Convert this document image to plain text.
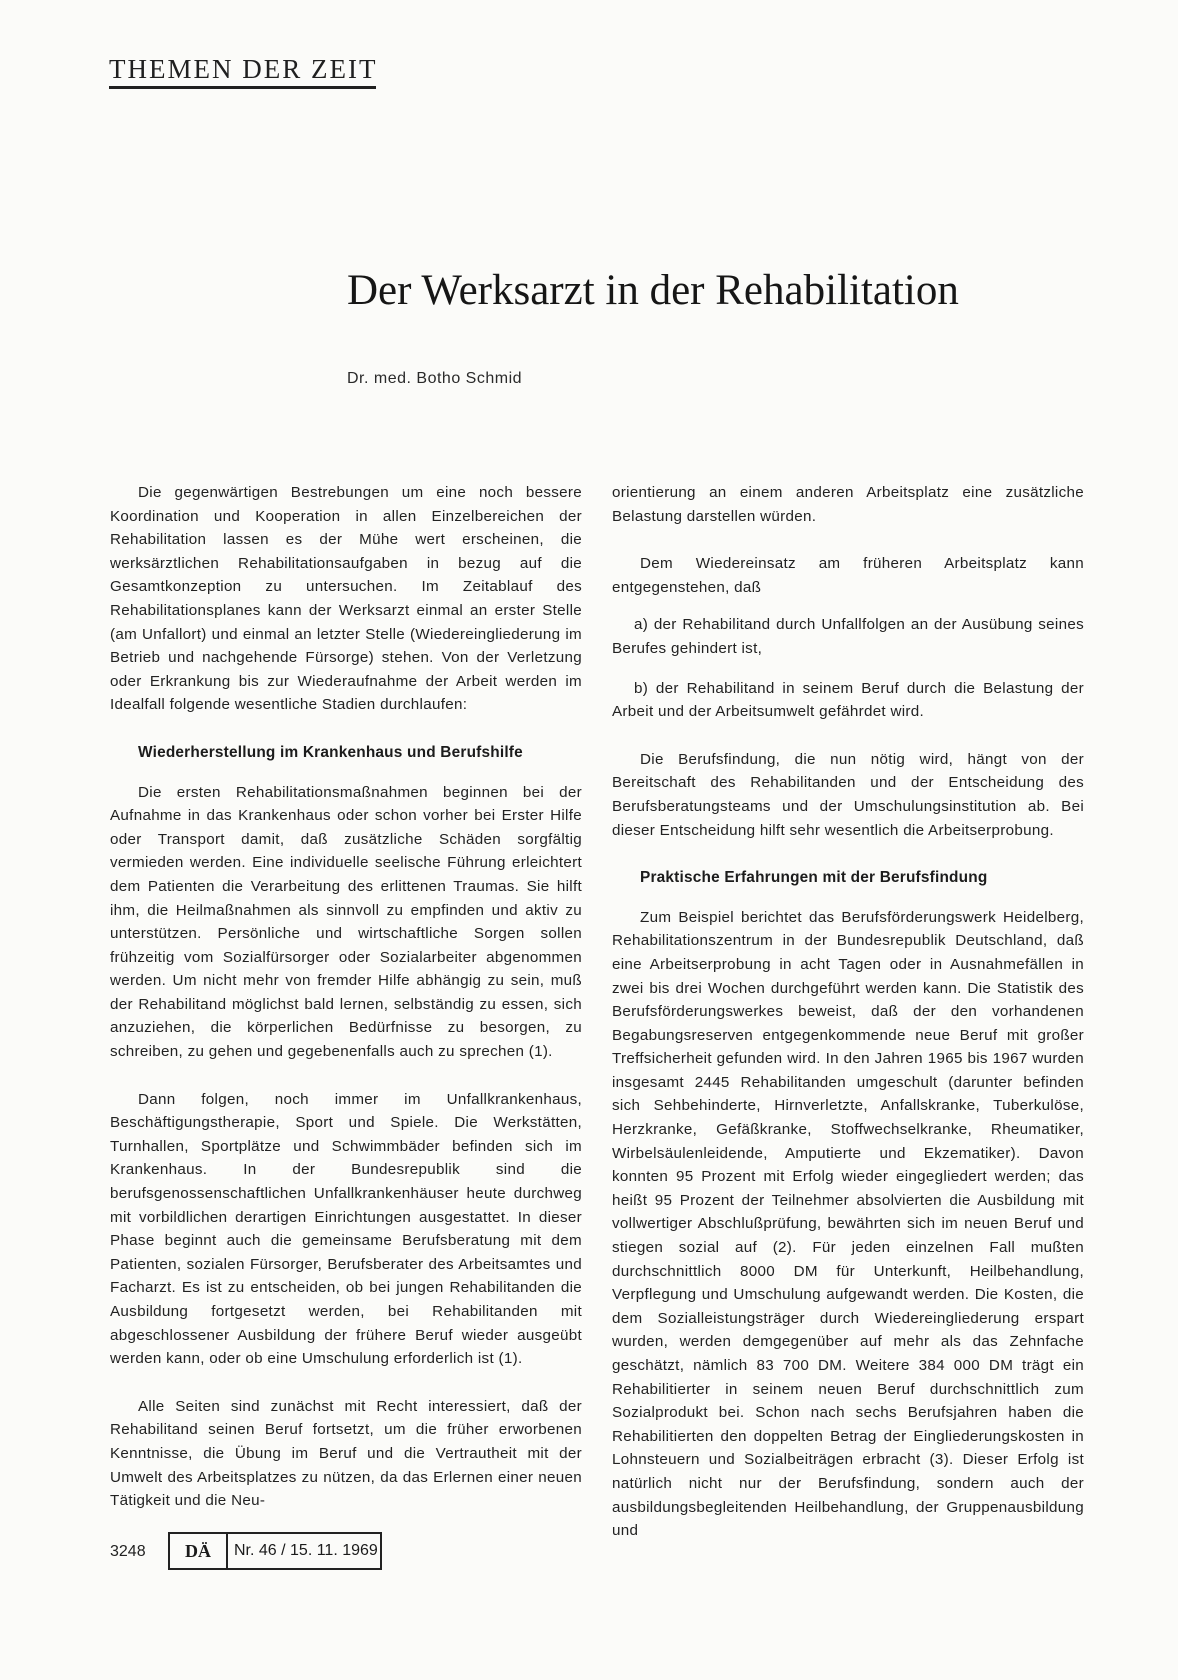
THEMEN DER ZEIT
Der Werksarzt in der Rehabilitation
Dr. med. Botho Schmid

Die gegenwärtigen Bestrebungen um eine noch bessere Koordination und Kooperation in allen Einzelbereichen der Rehabilitation lassen es der Mühe wert erscheinen, die werksärztlichen Rehabilitationsaufgaben in bezug auf die Gesamtkonzeption zu untersuchen. Im Zeitablauf des Rehabilitationsplanes kann der Werksarzt einmal an erster Stelle (am Unfallort) und einmal an letzter Stelle (Wiedereingliederung im Betrieb und nachgehende Fürsorge) stehen. Von der Verletzung oder Erkrankung bis zur Wiederaufnahme der Arbeit werden im Idealfall folgende wesentliche Stadien durchlaufen:

Wiederherstellung im Krankenhaus und Berufshilfe

Die ersten Rehabilitationsmaßnahmen beginnen bei der Aufnahme in das Krankenhaus oder schon vorher bei Erster Hilfe oder Transport damit, daß zusätzliche Schäden sorgfältig vermieden werden. Eine individuelle seelische Führung erleichtert dem Patienten die Verarbeitung des erlittenen Traumas. Sie hilft ihm, die Heilmaßnahmen als sinnvoll zu empfinden und aktiv zu unterstützen. Persönliche und wirtschaftliche Sorgen sollen frühzeitig vom Sozialfürsorger oder Sozialarbeiter abgenommen werden. Um nicht mehr von fremder Hilfe abhängig zu sein, muß der Rehabilitand möglichst bald lernen, selbständig zu essen, sich anzuziehen, die körperlichen Bedürfnisse zu besorgen, zu schreiben, zu gehen und gegebenenfalls auch zu sprechen (1).

Dann folgen, noch immer im Unfallkrankenhaus, Beschäftigungstherapie, Sport und Spiele. Die Werkstätten, Turnhallen, Sportplätze und Schwimmbäder befinden sich im Krankenhaus. In der Bundesrepublik sind die berufsgenossenschaftlichen Unfallkrankenhäuser heute durchweg mit vorbildlichen derartigen Einrichtungen ausgestattet. In dieser Phase beginnt auch die gemeinsame Berufsberatung mit dem Patienten, sozialen Fürsorger, Berufsberater des Arbeitsamtes und Facharzt. Es ist zu entscheiden, ob bei jungen Rehabilitanden die Ausbildung fortgesetzt werden, bei Rehabilitanden mit abgeschlossener Ausbildung der frühere Beruf wieder ausgeübt werden kann, oder ob eine Umschulung erforderlich ist (1).

Alle Seiten sind zunächst mit Recht interessiert, daß der Rehabilitand seinen Beruf fortsetzt, um die früher erworbenen Kenntnisse, die Übung im Beruf und die Vertrautheit mit der Umwelt des Arbeitsplatzes zu nützen, da das Erlernen einer neuen Tätigkeit und die Neu-

orientierung an einem anderen Arbeitsplatz eine zusätzliche Belastung darstellen würden.

Dem Wiedereinsatz am früheren Arbeitsplatz kann entgegenstehen, daß

a) der Rehabilitand durch Unfallfolgen an der Ausübung seines Berufes gehindert ist,

b) der Rehabilitand in seinem Beruf durch die Belastung der Arbeit und der Arbeitsumwelt gefährdet wird.

Die Berufsfindung, die nun nötig wird, hängt von der Bereitschaft des Rehabilitanden und der Entscheidung des Berufsberatungsteams und der Umschulungsinstitution ab. Bei dieser Entscheidung hilft sehr wesentlich die Arbeitserprobung.

Praktische Erfahrungen mit der Berufsfindung

Zum Beispiel berichtet das Berufsförderungswerk Heidelberg, Rehabilitationszentrum in der Bundesrepublik Deutschland, daß eine Arbeitserprobung in acht Tagen oder in Ausnahmefällen in zwei bis drei Wochen durchgeführt werden kann. Die Statistik des Berufsförderungswerkes beweist, daß der den vorhandenen Begabungsreserven entgegenkommende neue Beruf mit großer Treffsicherheit gefunden wird. In den Jahren 1965 bis 1967 wurden insgesamt 2445 Rehabilitanden umgeschult (darunter befinden sich Sehbehinderte, Hirnverletzte, Anfallskranke, Tuberkulöse, Herzkranke, Gefäßkranke, Stoffwechselkranke, Rheumatiker, Wirbelsäulenleidende, Amputierte und Ekzematiker). Davon konnten 95 Prozent mit Erfolg wieder eingegliedert werden; das heißt 95 Prozent der Teilnehmer absolvierten die Ausbildung mit vollwertiger Abschlußprüfung, bewährten sich im neuen Beruf und stiegen sozial auf (2). Für jeden einzelnen Fall mußten durchschnittlich 8000 DM für Unterkunft, Heilbehandlung, Verpflegung und Umschulung aufgewandt werden. Die Kosten, die dem Sozialleistungsträger durch Wiedereingliederung erspart wurden, werden demgegenüber auf mehr als das Zehnfache geschätzt, nämlich 83 700 DM. Weitere 384 000 DM trägt ein Rehabilitierter in seinem neuen Beruf durchschnittlich zum Sozialprodukt bei. Schon nach sechs Berufsjahren haben die Rehabilitierten den doppelten Betrag der Eingliederungskosten in Lohnsteuern und Sozialbeiträgen erbracht (3). Dieser Erfolg ist natürlich nicht nur der Berufsfindung, sondern auch der ausbildungsbegleitenden Heilbehandlung, der Gruppenausbildung und

3248	DÄ	Nr. 46 / 15. 11. 1969
